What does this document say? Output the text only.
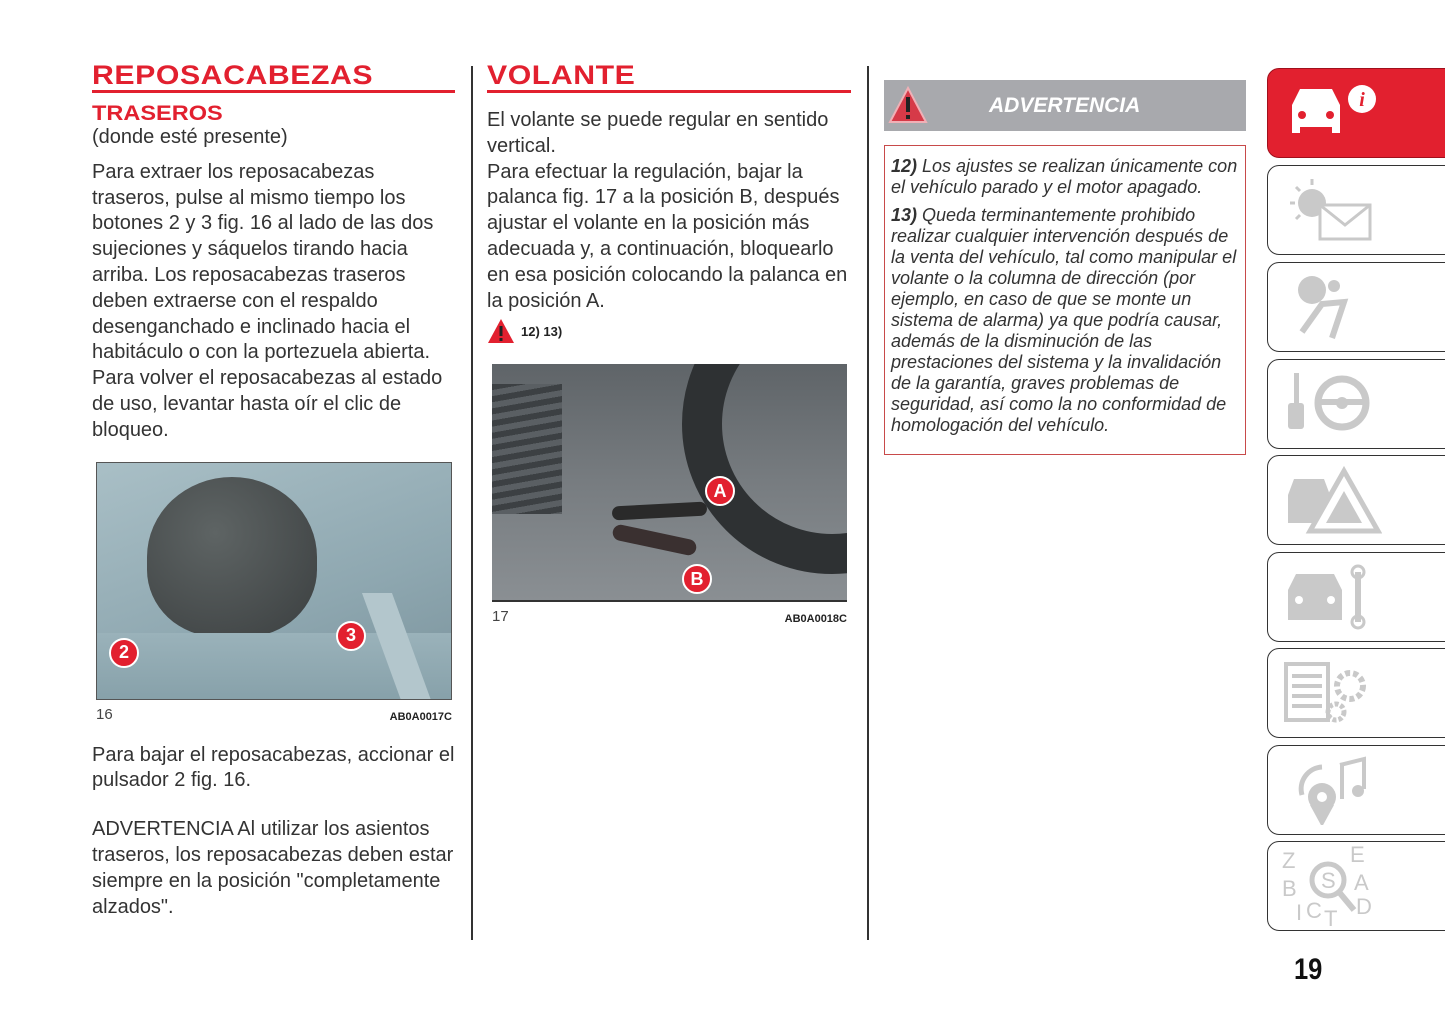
REPOSACABEZAS
TRASEROS

(donde esté presente)

Para extraer los reposacabezas traseros, pulse al mismo tiempo los botones 2 y 3 fig. 16 al lado de las dos sujeciones y sáquelos tirando hacia arriba. Los reposacabezas traseros deben extraerse con el respaldo desenganchado e inclinado hacia el habitáculo o con la portezuela abierta. Para volver el reposacabezas al estado de uso, levantar hasta oír el clic de bloqueo.

2
3
16	AB0A0017C

Para bajar el reposacabezas, accionar el pulsador 2 fig. 16.

ADVERTENCIA Al utilizar los asientos traseros, los reposacabezas deben estar siempre en la posición "completamente alzados".

VOLANTE

El volante se puede regular en sentido vertical.

Para efectuar la regulación, bajar la palanca fig. 17 a la posición B, después ajustar el volante en la posición más adecuada y, a continuación, bloquearlo en esa posición colocando la palanca en la posición A.

12) 13)
A
B
17	AB0A0018C
ADVERTENCIA

12) Los ajustes se realizan únicamente con el vehículo parado y el motor apagado.

13) Queda terminantemente prohibido realizar cualquier intervención después de la venta del vehículo, tal como manipular el volante o la columna de dirección (por ejemplo, en caso de que se monte un sistema de alarma) ya que podría causar, además de la disminución de las prestaciones del sistema y la invalidación de la garantía, graves problemas de seguridad, así como la no conformidad de homologación del vehículo.

i
Z E B A D I C T S
19
